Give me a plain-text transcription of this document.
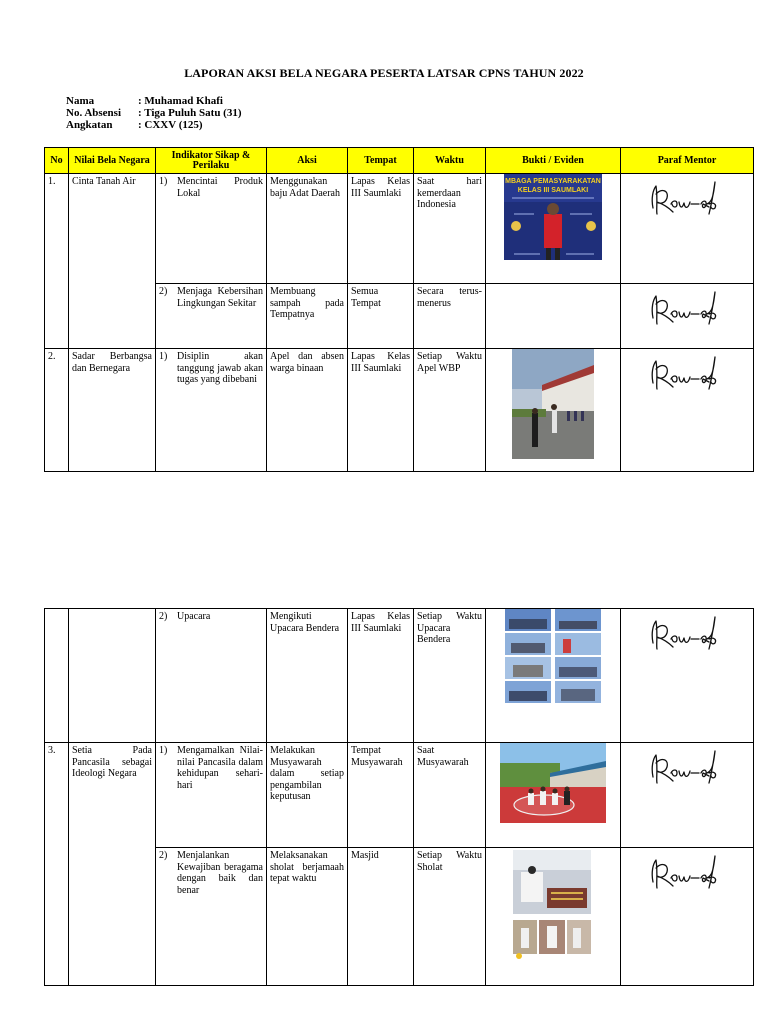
LAPORAN AKSI BELA NEGARA PESERTA LATSAR CPNS TAHUN 2022
Nama	: Muhamad Khafi
No. Absensi	: Tiga Puluh Satu (31)
Angkatan	: CXXV (125)
No	Nilai Bela Negara	Indikator Sikap & Perilaku	Aksi	Tempat	Waktu	Bukti / Eviden	Paraf Mentor
1.	Cinta Tanah Air	1) Mencintai Produk Lokal	Menggunakan baju Adat Daerah	Lapas Kelas III Saumlaki	Saat hari kemerdaan Indonesia	MBAGA PEMASYARAKATAN
KELAS III SAUMLAKI

		2) Menjaga Kebersihan Lingkungan Sekitar	Membuang sampah pada Tempatnya	Semua Tempat	Secara terus-menerus		

2.	Sadar Berbangsa dan Bernegara	1) Disiplin akan tanggung jawab akan tugas yang dibebani	Apel dan absen warga binaan	Lapas Kelas III Saumlaki	Setiap Waktu Apel WBP	

		2) Upacara	Mengikuti Upacara Bendera	Lapas Kelas III Saumlaki	Setiap Waktu Upacara Bendera	

3.	Setia Pada Pancasila sebagai Ideologi Negara	1) Mengamalkan Nilai-nilai Pancasila dalam kehidupan sehari-hari	Melakukan Musyawarah dalam setiap pengambilan keputusan	Tempat Musyawarah	Saat Musyawarah	

		2) Menjalankan Kewajiban beragama dengan baik dan benar	Melaksanakan sholat berjamaah tepat waktu	Masjid	Setiap Waktu Sholat	
